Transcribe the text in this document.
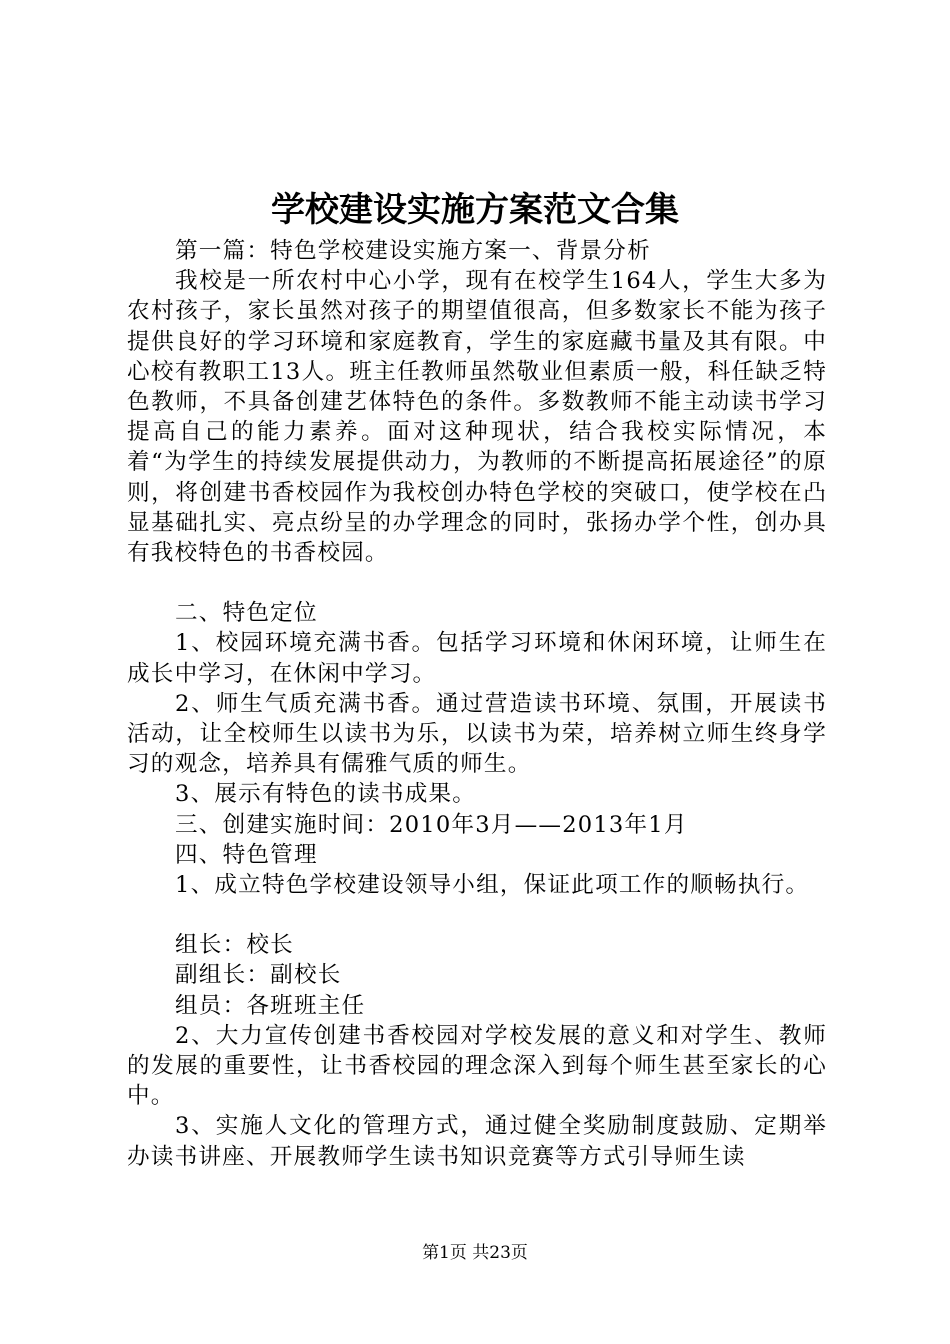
学校建设实施方案范文合集

第一篇：特色学校建设实施方案一、背景分析

我校是一所农村中心小学，现有在校学生164人，学生大多为农村孩子，家长虽然对孩子的期望值很高，但多数家长不能为孩子提供良好的学习环境和家庭教育，学生的家庭藏书量及其有限。中心校有教职工13人。班主任教师虽然敬业但素质一般，科任缺乏特色教师，不具备创建艺体特色的条件。多数教师不能主动读书学习提高自己的能力素养。面对这种现状，结合我校实际情况，本着“为学生的持续发展提供动力，为教师的不断提高拓展途径”的原则，将创建书香校园作为我校创办特色学校的突破口，使学校在凸显基础扎实、亮点纷呈的办学理念的同时，张扬办学个性，创办具有我校特色的书香校园。

二、特色定位

1、校园环境充满书香。包括学习环境和休闲环境，让师生在成长中学习，在休闲中学习。

2、师生气质充满书香。通过营造读书环境、氛围，开展读书活动，让全校师生以读书为乐，以读书为荣，培养树立师生终身学习的观念，培养具有儒雅气质的师生。

3、展示有特色的读书成果。

三、创建实施时间：2010年3月——2013年1月

四、特色管理

1、成立特色学校建设领导小组，保证此项工作的顺畅执行。

组长：校长

副组长：副校长

组员：各班班主任

2、大力宣传创建书香校园对学校发展的意义和对学生、教师的发展的重要性，让书香校园的理念深入到每个师生甚至家长的心中。

3、实施人文化的管理方式，通过健全奖励制度鼓励、定期举办读书讲座、开展教师学生读书知识竞赛等方式引导师生读

第1页 共23页
